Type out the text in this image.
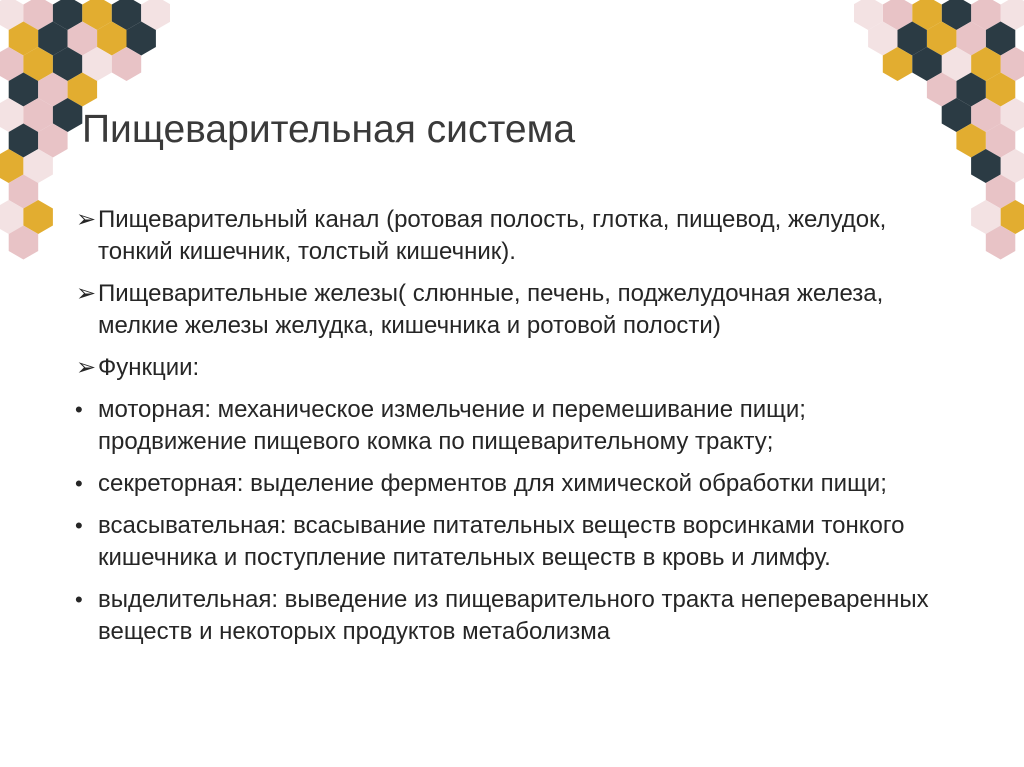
Пищеварительная система
➢ Пищеварительный канал (ротовая полость, глотка, пищевод, желудок, тонкий кишечник, толстый кишечник).
➢ Пищеварительные железы( слюнные, печень, поджелудочная железа, мелкие железы желудка, кишечника и ротовой полости)
➢ Функции:
• моторная: механическое измельчение и перемешивание пищи; продвижение пищевого комка по пищеварительному тракту;
• секреторная: выделение ферментов для химической обработки пищи;
• всасывательная: всасывание питательных веществ ворсинками тонкого кишечника и поступление питательных веществ в кровь и лимфу.
• выделительная: выведение из пищеварительного тракта непереваренных веществ и некоторых продуктов метаболизма
